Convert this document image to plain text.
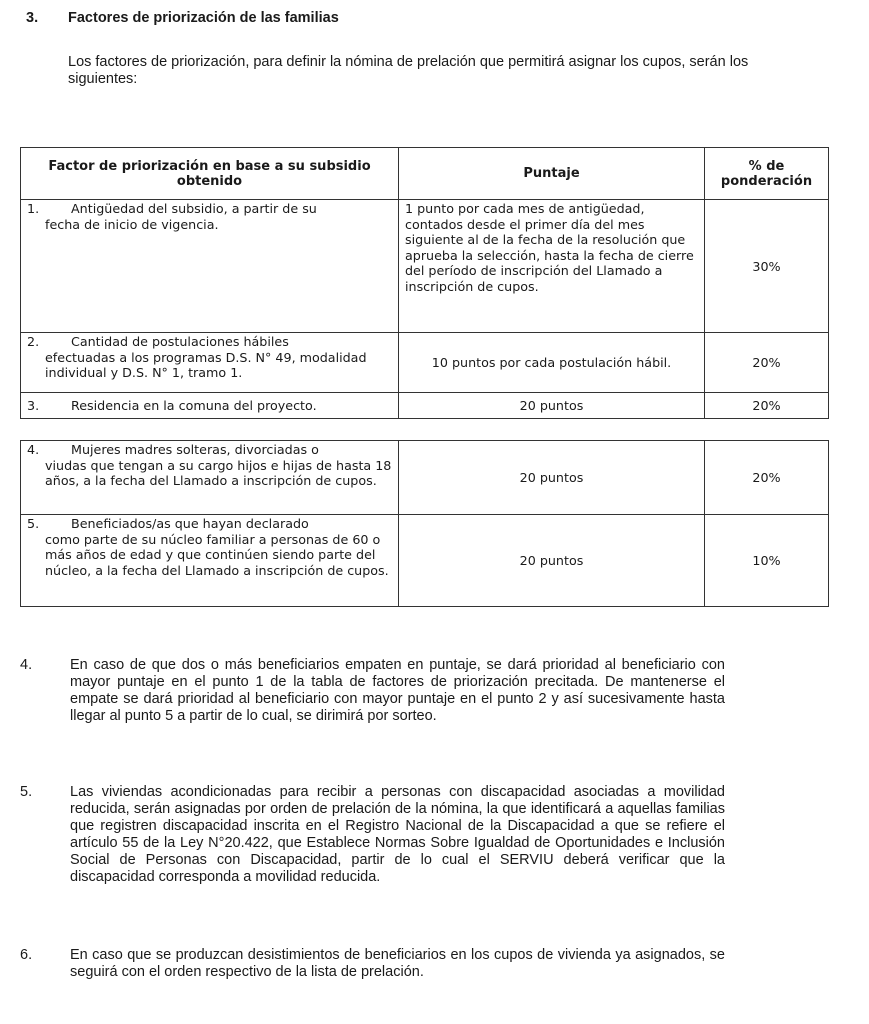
3. Factores de priorización de las familias
Los factores de priorización, para definir la nómina de prelación que permitirá asignar los cupos, serán los siguientes:
Factor de priorización en base a su subsidio obtenido	Puntaje	% de ponderación
1. Antigüedad del subsidio, a partir de su
fecha de inicio de vigencia.	1 punto por cada mes de antigüedad, contados desde el primer día del mes siguiente al de la fecha de la resolución que aprueba la selección, hasta la fecha de cierre del período de inscripción del Llamado a inscripción de cupos.	30%
2. Cantidad de postulaciones hábiles
efectuadas a los programas D.S. N° 49, modalidad individual y D.S. N° 1, tramo 1.	10 puntos por cada postulación hábil.	20%
3. Residencia en la comuna del proyecto.	20 puntos	20%
4. Mujeres madres solteras, divorciadas o
viudas que tengan a su cargo hijos e hijas de hasta 18 años, a la fecha del Llamado a inscripción de cupos.	20 puntos	20%
5. Beneficiados/as que hayan declarado
como parte de su núcleo familiar a personas de 60 o más años de edad y que continúen siendo parte del núcleo, a la fecha del Llamado a inscripción de cupos.	20 puntos	10%
4.	En caso de que dos o más beneficiarios empaten en puntaje, se dará prioridad al beneficiario con mayor puntaje en el punto 1 de la tabla de factores de priorización precitada. De mantenerse el empate se dará prioridad al beneficiario con mayor puntaje en el punto 2 y así sucesivamente hasta llegar al punto 5 a partir de lo cual, se dirimirá por sorteo.
5.	Las viviendas acondicionadas para recibir a personas con discapacidad asociadas a movilidad reducida, serán asignadas por orden de prelación de la nómina, la que identificará a aquellas familias que registren discapacidad inscrita en el Registro Nacional de la Discapacidad a que se refiere el artículo 55 de la Ley N°20.422, que Establece Normas Sobre Igualdad de Oportunidades e Inclusión Social de Personas con Discapacidad, partir de lo cual el SERVIU deberá verificar que la discapacidad corresponda a movilidad reducida.
6.	En caso que se produzcan desistimientos de beneficiarios en los cupos de vivienda ya asignados, se seguirá con el orden respectivo de la lista de prelación.
